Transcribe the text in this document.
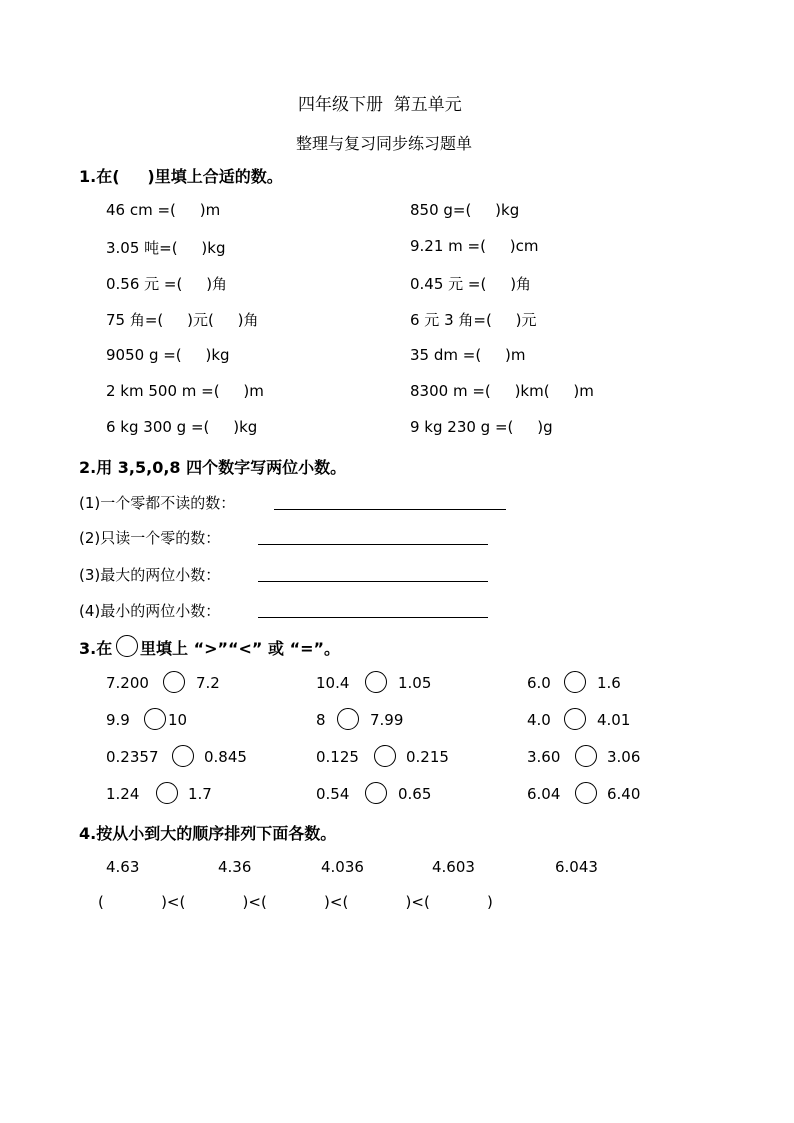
四年级下册  第五单元
整理与复习同步练习题单
1.在(     )里填上合适的数。
46 cm =(     )m	850 g=(     )kg
3.05 吨=(     )kg	9.21 m =(     )cm
0.56 元 =(     )角	0.45 元 =(     )角
75 角=(     )元(     )角	6 元 3 角=(     )元
9050 g =(     )kg	35 dm =(     )m
2 km 500 m =(     )m	8300 m =(     )km(     )m
6 kg 300 g =(     )kg	9 kg 230 g =(     )g
2.用 3,5,0,8 四个数字写两位小数。
(1)一个零都不读的数：
(2)只读一个零的数：
(3)最大的两位小数：
(4)最小的两位小数：
3.在 里填上 “>”“<” 或 “=”。
7.200	7.2	10.4	1.05	6.0	1.6
9.9	10	8	7.99	4.0	4.01
0.2357	0.845	0.125	0.215	3.60	3.06
1.24	1.7	0.54	0.65	6.04	6.40
4.按从小到大的顺序排列下面各数。
4.63	4.36	4.036	4.603	6.043
(            )<(            )<(            )<(            )<(            )
